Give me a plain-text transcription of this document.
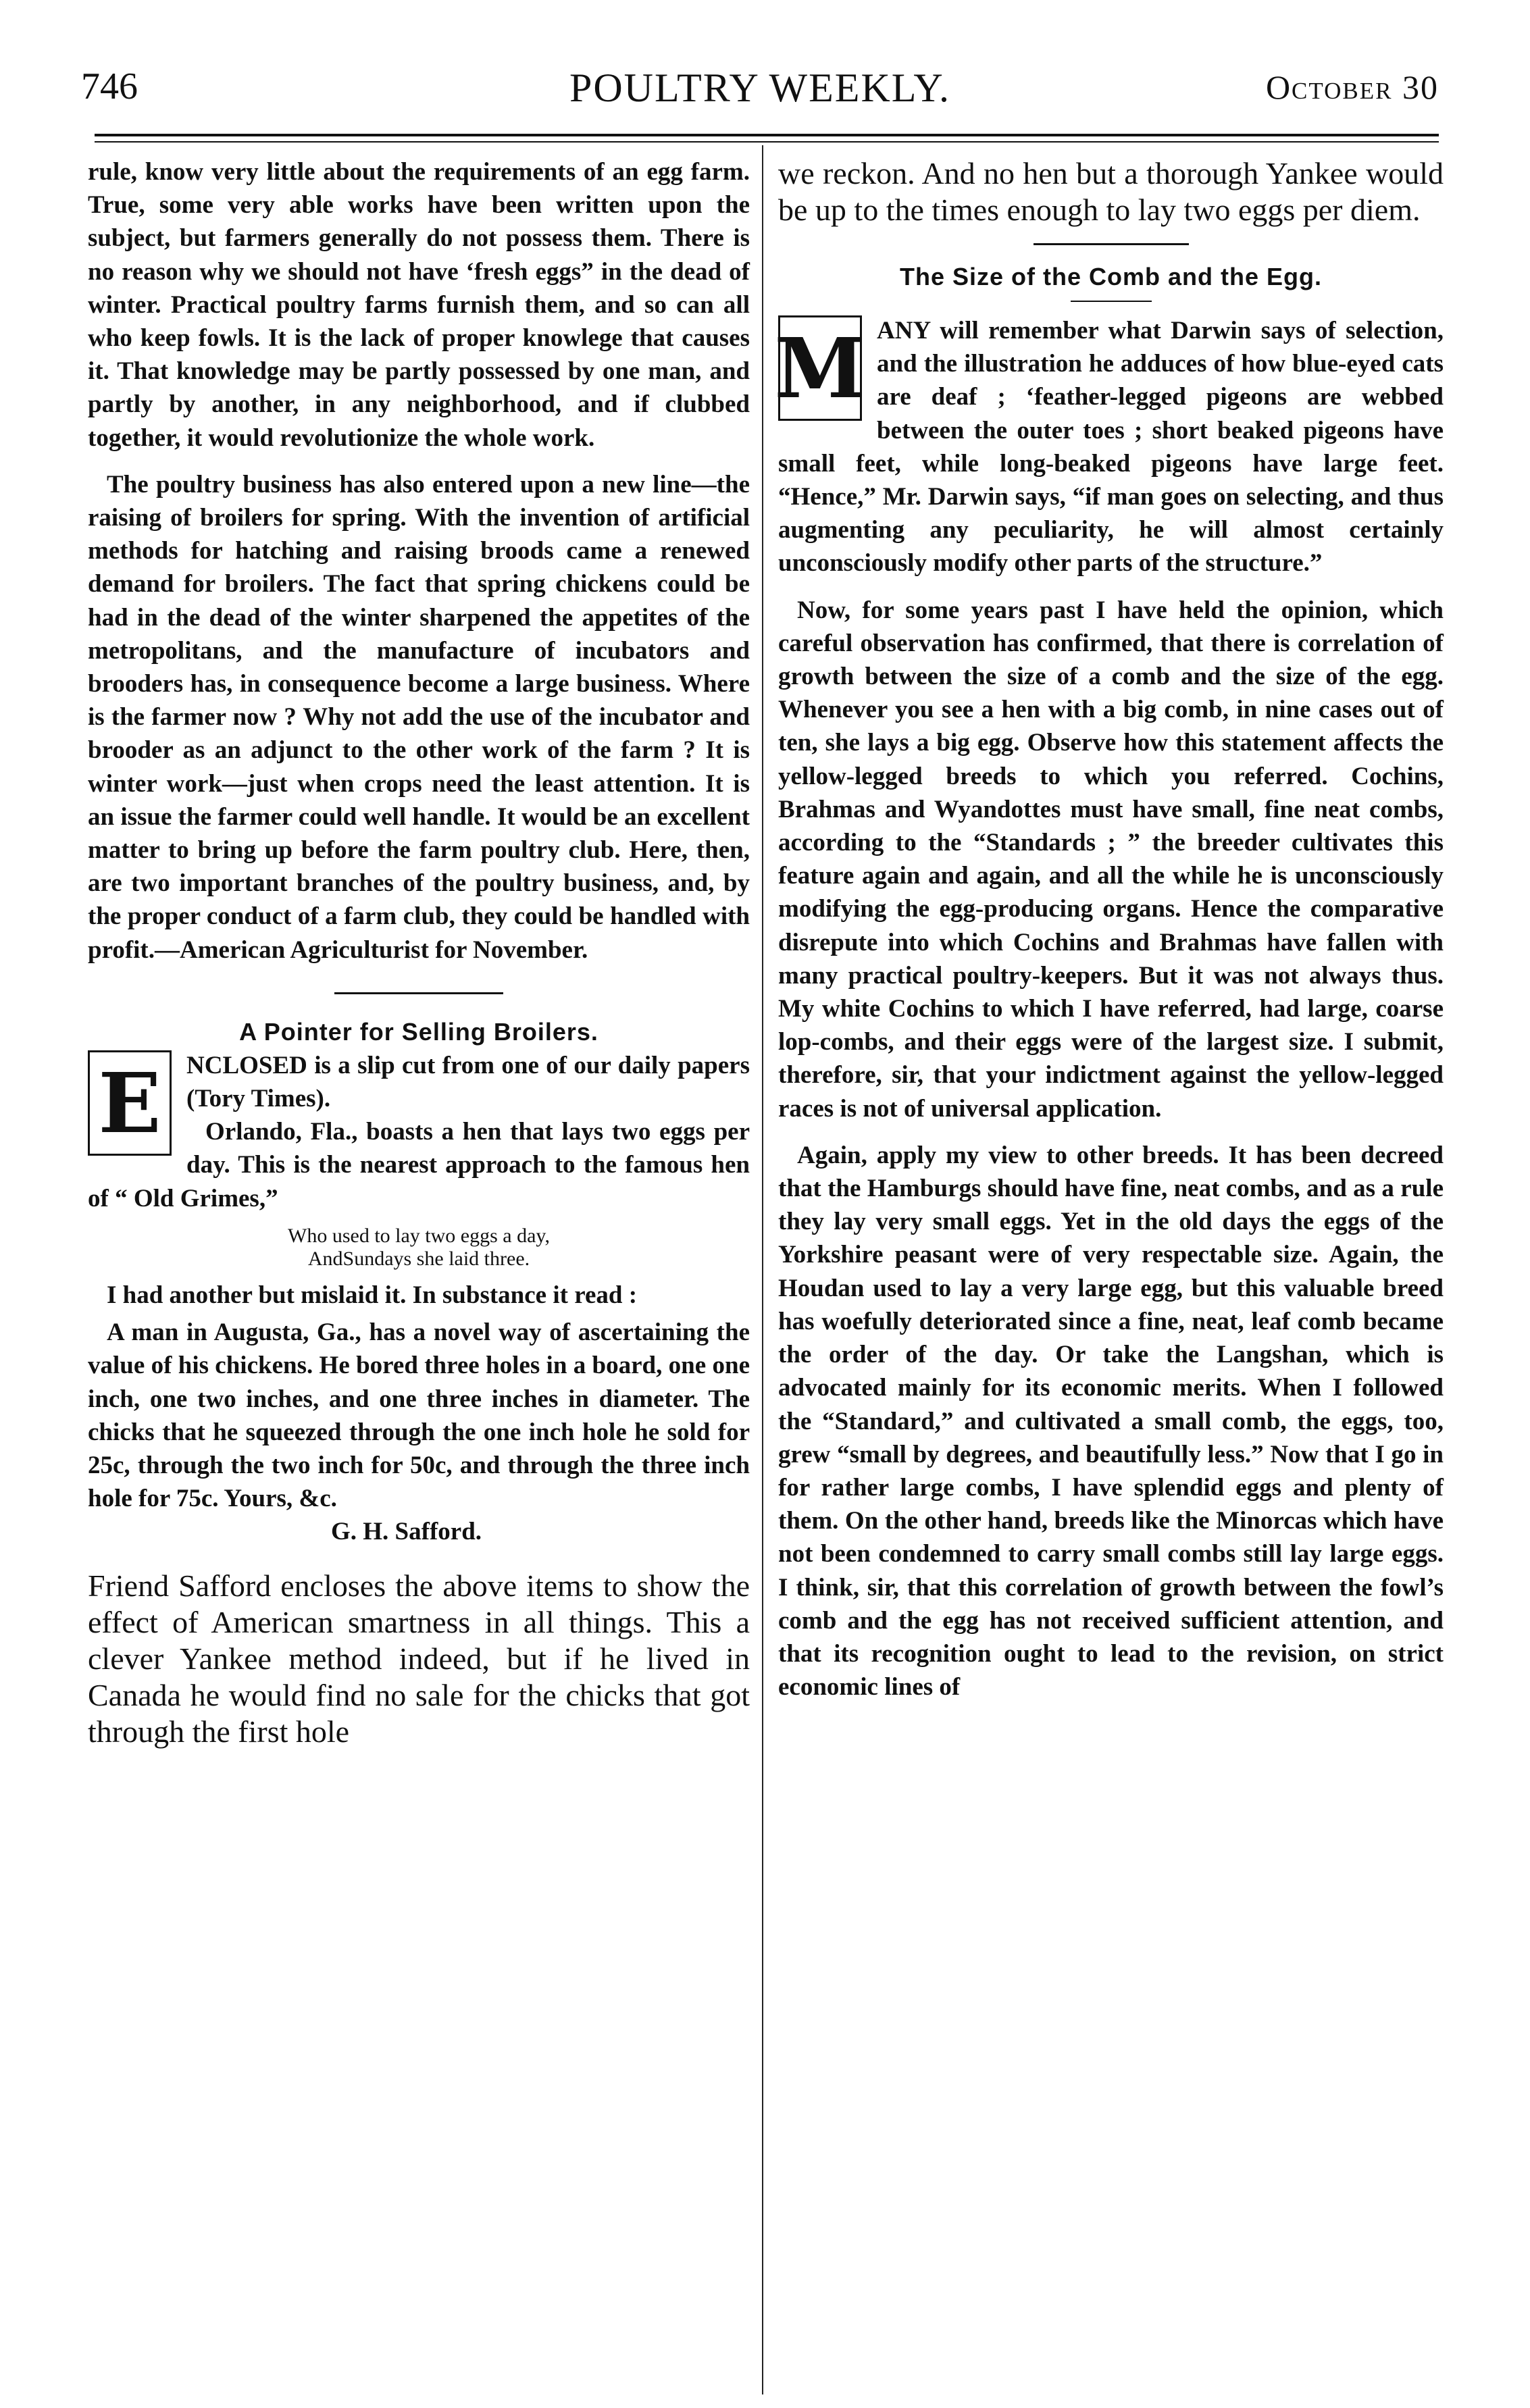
746	POULTRY WEEKLY.	October 30

rule, know very little about the requirements of an egg farm. True, some very able works have been written upon the subject, but farmers generally do not possess them. There is no reason why we should not have ‘fresh eggs” in the dead of winter. Practical poultry farms furnish them, and so can all who keep fowls. It is the lack of proper knowlege that causes it. That knowledge may be partly possessed by one man, and partly by another, in any neighborhood, and if clubbed together, it would revolutionize the whole work.

The poultry business has also entered upon a new line—the raising of broilers for spring. With the invention of artificial methods for hatching and raising broods came a renewed demand for broilers. The fact that spring chickens could be had in the dead of the winter sharpened the appetites of the metropolitans, and the manufacture of incubators and brooders has, in consequence become a large business. Where is the farmer now ? Why not add the use of the incubator and brooder as an adjunct to the other work of the farm ? It is winter work—just when crops need the least attention. It is an issue the farmer could well handle. It would be an excellent matter to bring up before the farm poultry club. Here, then, are two important branches of the poultry business, and, by the proper conduct of a farm club, they could be handled with profit.—American Agriculturist for November.

A Pointer for Selling Broilers.
E	NCLOSED is a slip cut from one of our daily papers (Tory Times).

Orlando, Fla., boasts a hen that lays two eggs per day. This is the nearest approach to the famous hen of “ Old Grimes,”

Who used to lay two eggs a day,
AndSundays she laid three.

I had another but mislaid it. In substance it read :

A man in Augusta, Ga., has a novel way of ascertaining the value of his chickens. He bored three holes in a board, one one inch, one two inches, and one three inches in diameter. The chicks that he squeezed through the one inch hole he sold for 25c, through the two inch for 50c, and through the three inch hole for 75c. Yours, &c.

G. H. Safford.

Friend Safford encloses the above items to show the effect of American smartness in all things. This a clever Yankee method indeed, but if he lived in Canada he would find no sale for the chicks that got through the first hole

we reckon. And no hen but a thorough Yankee would be up to the times enough to lay two eggs per diem.

The Size of the Comb and the Egg.
M ANY will remember what Darwin says of selection, and the illustration he adduces of how blue-eyed cats are deaf ; ‘feather-legged pigeons are webbed between the outer toes ; short beaked pigeons have small feet, while long-beaked pigeons have large feet. “Hence,” Mr. Darwin says, “if man goes on selecting, and thus augmenting any peculiarity, he will almost certainly unconsciously modify other parts of the structure.”

Now, for some years past I have held the opinion, which careful observation has confirmed, that there is correlation of growth between the size of a comb and the size of the egg. Whenever you see a hen with a big comb, in nine cases out of ten, she lays a big egg. Observe how this statement affects the yellow-legged breeds to which you referred. Cochins, Brahmas and Wyandottes must have small, fine neat combs, according to the “Standards ; ” the breeder cultivates this feature again and again, and all the while he is unconsciously modifying the egg-producing organs. Hence the comparative disrepute into which Cochins and Brahmas have fallen with many practical poultry-keepers. But it was not always thus. My white Cochins to which I have referred, had large, coarse lop-combs, and their eggs were of the largest size. I submit, therefore, sir, that your indictment against the yellow-legged races is not of universal application.

Again, apply my view to other breeds. It has been decreed that the Hamburgs should have fine, neat combs, and as a rule they lay very small eggs. Yet in the old days the eggs of the Yorkshire peasant were of very respectable size. Again, the Houdan used to lay a very large egg, but this valuable breed has woefully deteriorated since a fine, neat, leaf comb became the order of the day. Or take the Langshan, which is advocated mainly for its economic merits. When I followed the “Standard,” and cultivated a small comb, the eggs, too, grew “small by degrees, and beautifully less.” Now that I go in for rather large combs, I have splendid eggs and plenty of them. On the other hand, breeds like the Minorcas which have not been condemned to carry small combs still lay large eggs. I think, sir, that this correlation of growth between the fowl’s comb and the egg has not received sufficient attention, and that its recognition ought to lead to the revision, on strict economic lines of
